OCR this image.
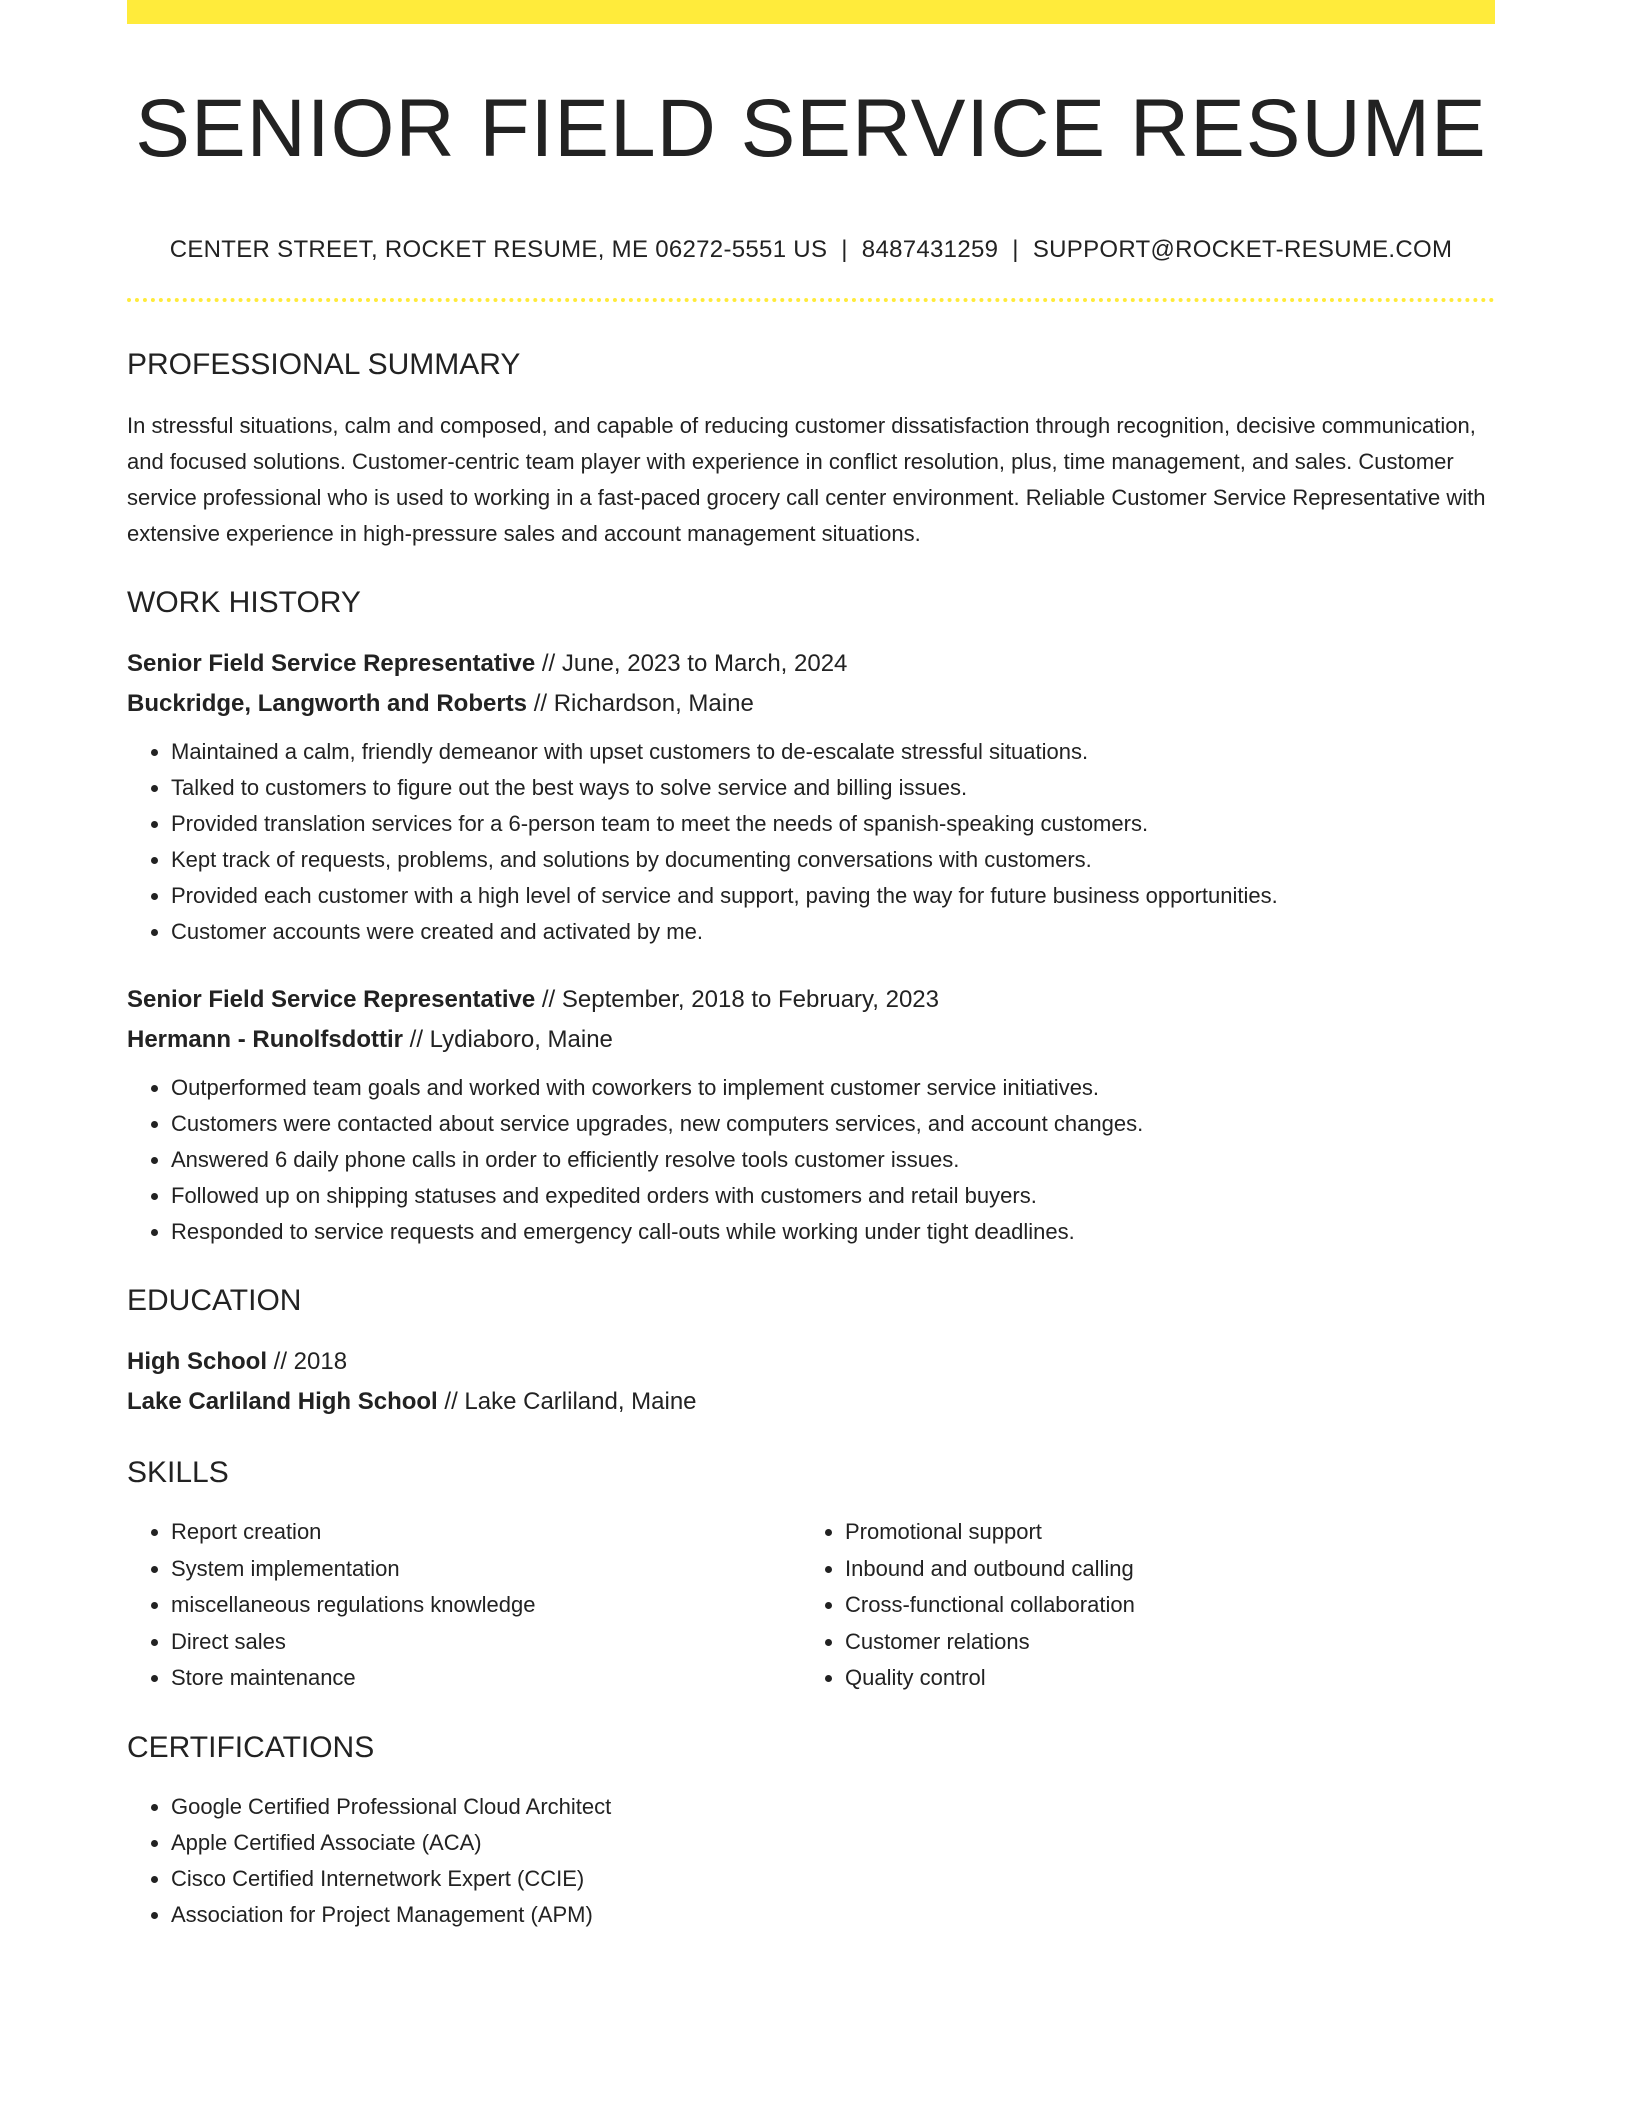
SENIOR FIELD SERVICE RESUME
CENTER STREET, ROCKET RESUME, ME 06272-5551 US | 8487431259 | SUPPORT@ROCKET-RESUME.COM
PROFESSIONAL SUMMARY

In stressful situations, calm and composed, and capable of reducing customer dissatisfaction through recognition, decisive communication, and focused solutions. Customer-centric team player with experience in conflict resolution, plus, time management, and sales. Customer service professional who is used to working in a fast-paced grocery call center environment. Reliable Customer Service Representative with extensive experience in high-pressure sales and account management situations.

WORK HISTORY

Senior Field Service Representative // June, 2023 to March, 2024

Buckridge, Langworth and Roberts // Richardson, Maine

• Maintained a calm, friendly demeanor with upset customers to de-escalate stressful situations.
• Talked to customers to figure out the best ways to solve service and billing issues.
• Provided translation services for a 6-person team to meet the needs of spanish-speaking customers.
• Kept track of requests, problems, and solutions by documenting conversations with customers.
• Provided each customer with a high level of service and support, paving the way for future business opportunities.
• Customer accounts were created and activated by me.

Senior Field Service Representative // September, 2018 to February, 2023

Hermann - Runolfsdottir // Lydiaboro, Maine

• Outperformed team goals and worked with coworkers to implement customer service initiatives.
• Customers were contacted about service upgrades, new computers services, and account changes.
• Answered 6 daily phone calls in order to efficiently resolve tools customer issues.
• Followed up on shipping statuses and expedited orders with customers and retail buyers.
• Responded to service requests and emergency call-outs while working under tight deadlines.
EDUCATION

High School // 2018

Lake Carliland High School // Lake Carliland, Maine

SKILLS
• Report creation
• System implementation
• miscellaneous regulations knowledge
• Direct sales
• Store maintenance
• Promotional support
• Inbound and outbound calling
• Cross-functional collaboration
• Customer relations
• Quality control
CERTIFICATIONS
• Google Certified Professional Cloud Architect
• Apple Certified Associate (ACA)
• Cisco Certified Internetwork Expert (CCIE)
• Association for Project Management (APM)
